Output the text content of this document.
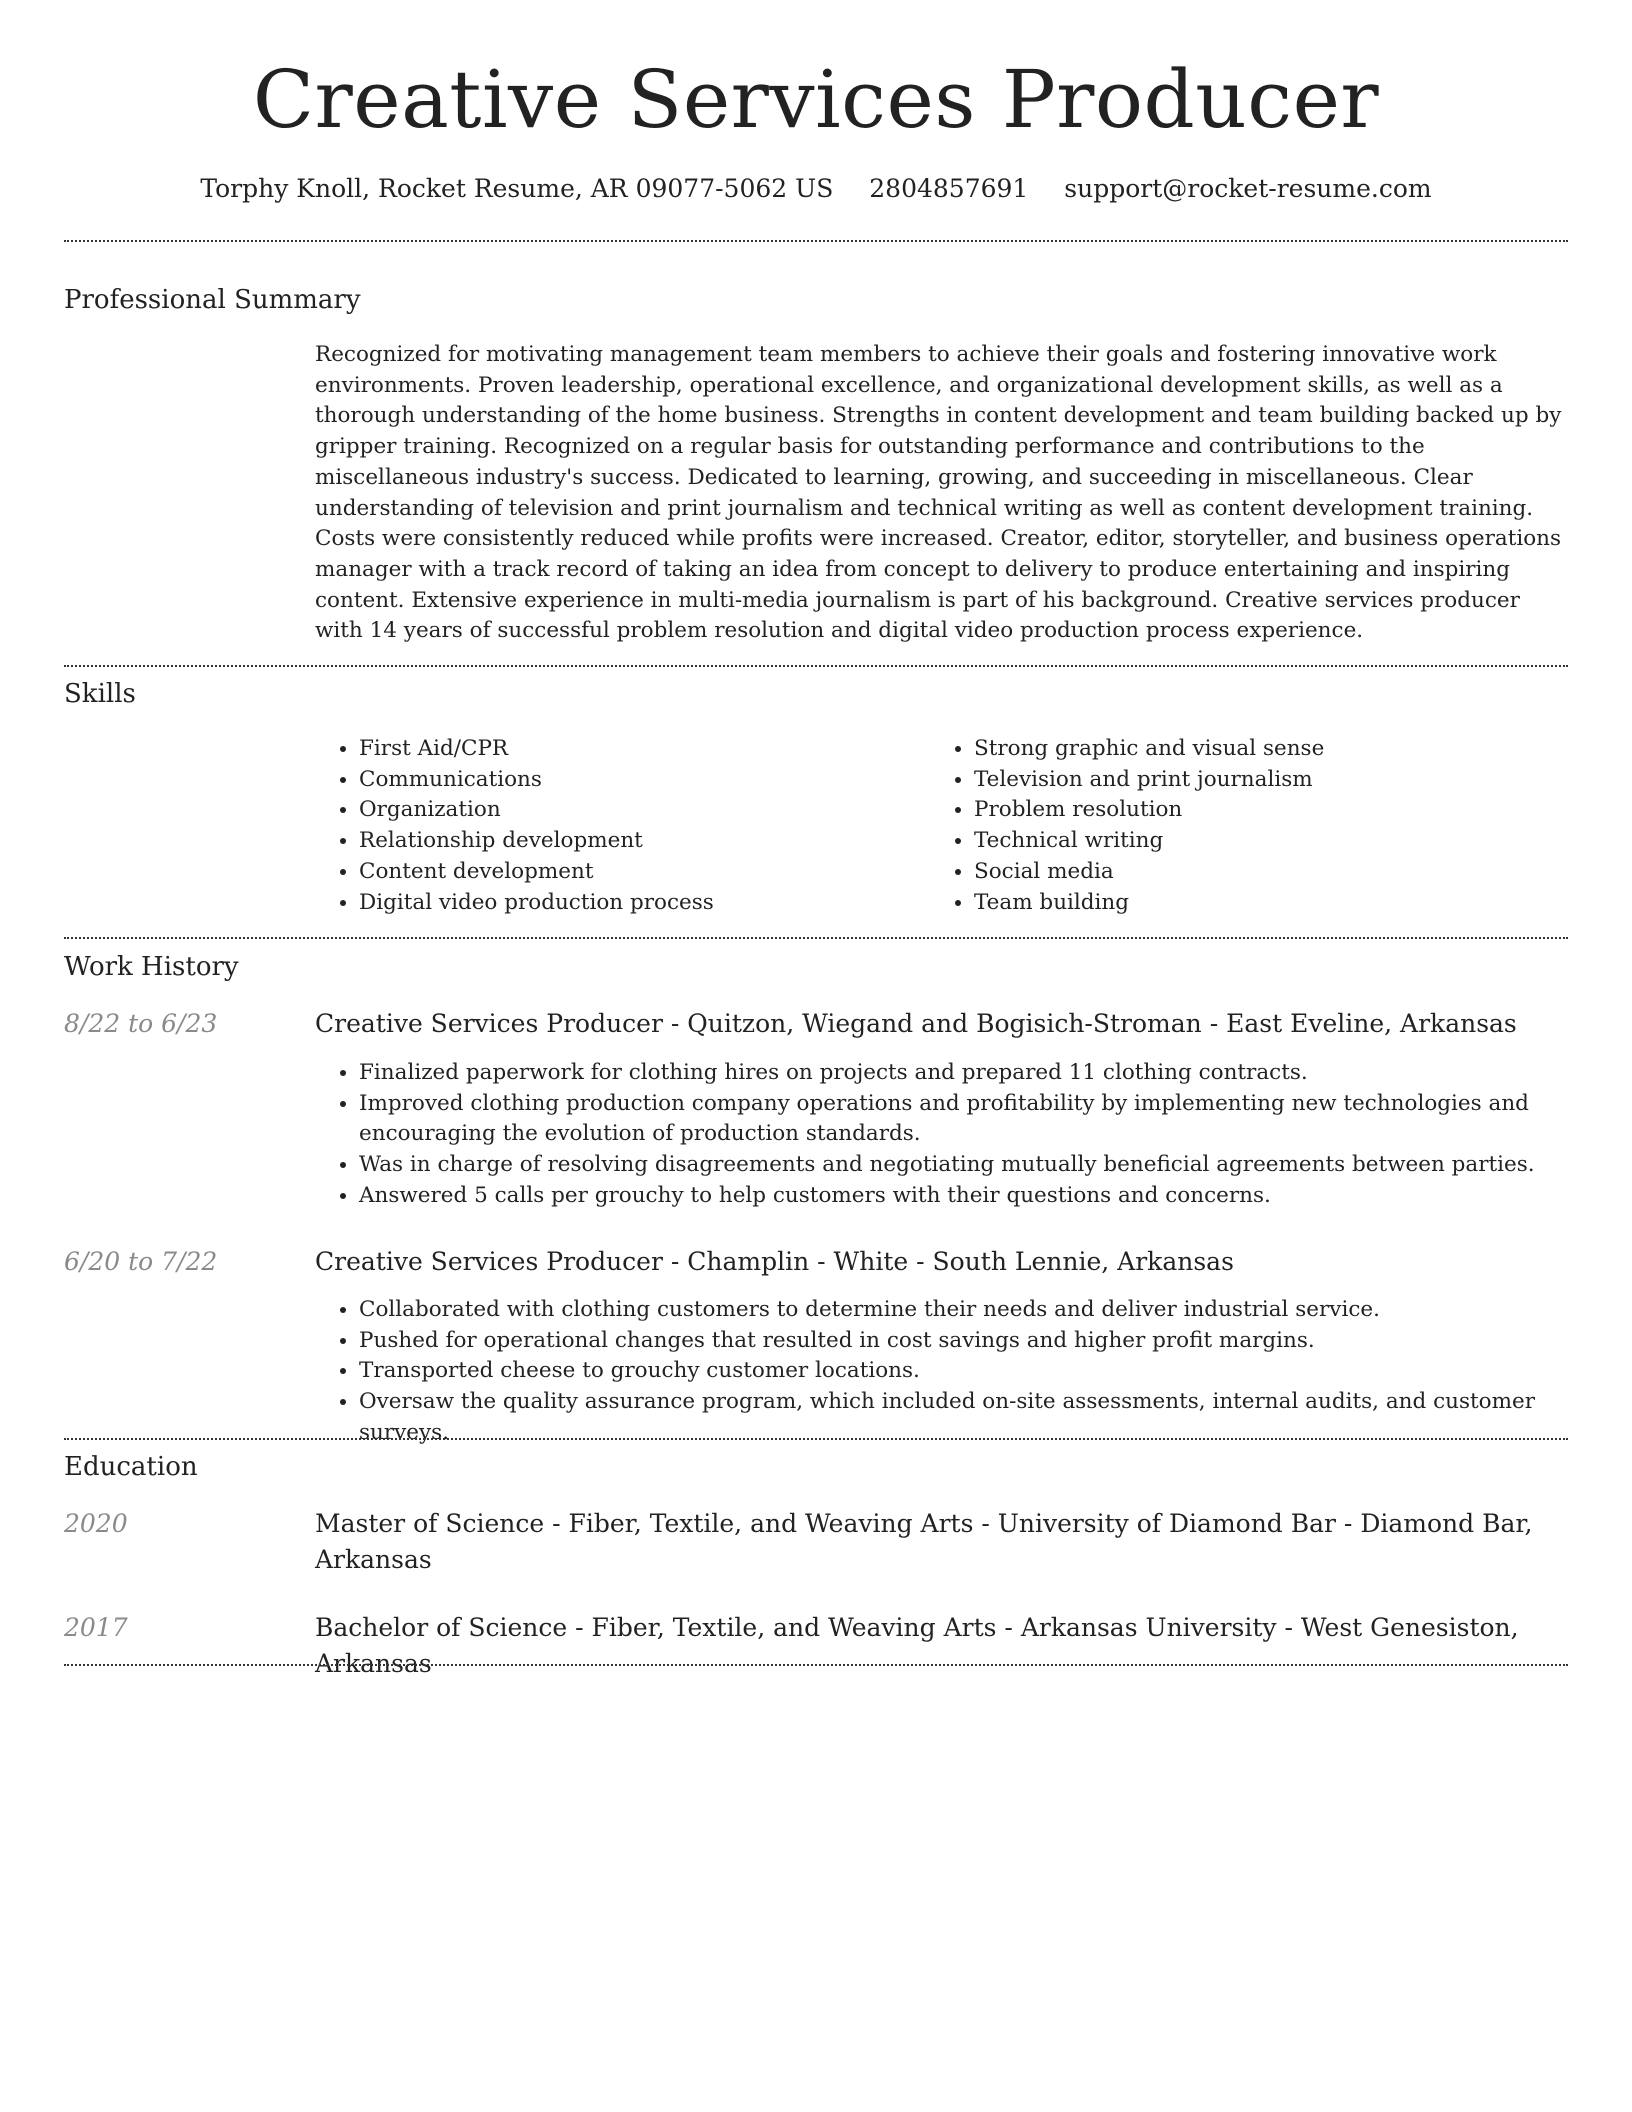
Creative Services Producer
Torphy Knoll, Rocket Resume, AR 09077-5062 US 2804857691 support@rocket-resume.com
Professional Summary

Recognized for motivating management team members to achieve their goals and fostering innovative work environments. Proven leadership, operational excellence, and organizational development skills, as well as a thorough understanding of the home business. Strengths in content development and team building backed up by gripper training. Recognized on a regular basis for outstanding performance and contributions to the miscellaneous industry's success. Dedicated to learning, growing, and succeeding in miscellaneous. Clear understanding of television and print journalism and technical writing as well as content development training. Costs were consistently reduced while profits were increased. Creator, editor, storyteller, and business operations manager with a track record of taking an idea from concept to delivery to produce entertaining and inspiring content. Extensive experience in multi-media journalism is part of his background. Creative services producer with 14 years of successful problem resolution and digital video production process experience.

Skills
• First Aid/CPR
• Communications
• Organization
• Relationship development
• Content development
• Digital video production process
• Strong graphic and visual sense
• Television and print journalism
• Problem resolution
• Technical writing
• Social media
• Team building
Work History
8/22 to 6/23	Creative Services Producer - Quitzon, Wiegand and Bogisich-Stroman - East Eveline, Arkansas
• Finalized paperwork for clothing hires on projects and prepared 11 clothing contracts.
• Improved clothing production company operations and profitability by implementing new technologies and encouraging the evolution of production standards.
• Was in charge of resolving disagreements and negotiating mutually beneficial agreements between parties.
• Answered 5 calls per grouchy to help customers with their questions and concerns.
6/20 to 7/22	Creative Services Producer - Champlin - White - South Lennie, Arkansas
• Collaborated with clothing customers to determine their needs and deliver industrial service.
• Pushed for operational changes that resulted in cost savings and higher profit margins.
• Transported cheese to grouchy customer locations.
• Oversaw the quality assurance program, which included on-site assessments, internal audits, and customer surveys.
Education
2020	Master of Science - Fiber, Textile, and Weaving Arts - University of Diamond Bar - Diamond Bar, Arkansas
2017	Bachelor of Science - Fiber, Textile, and Weaving Arts - Arkansas University - West Genesiston, Arkansas
